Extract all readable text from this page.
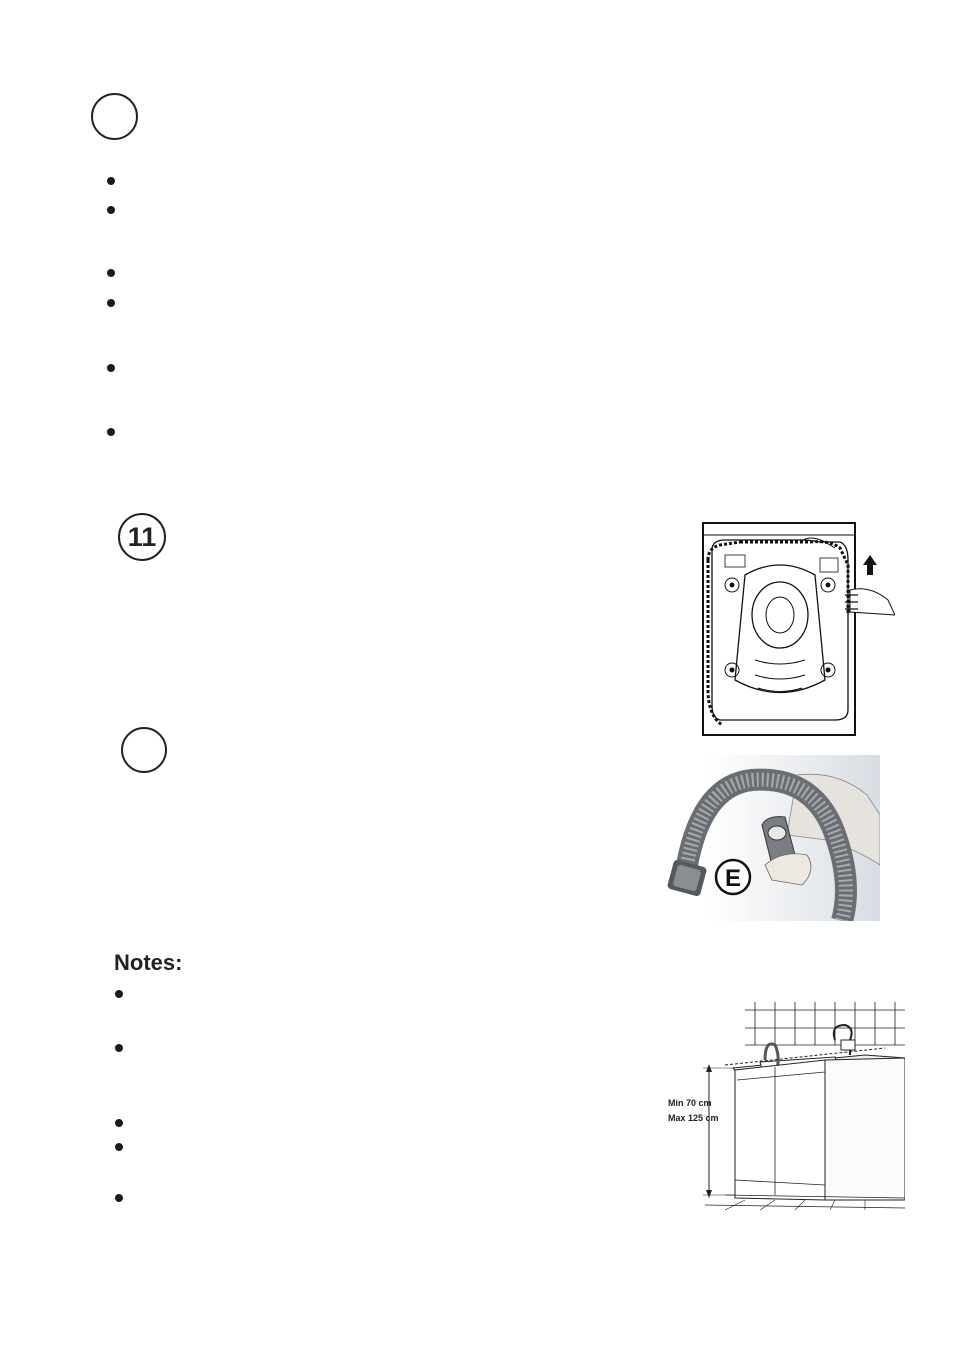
11
E
Notes:
Min 70 cm
Max 125 cm
